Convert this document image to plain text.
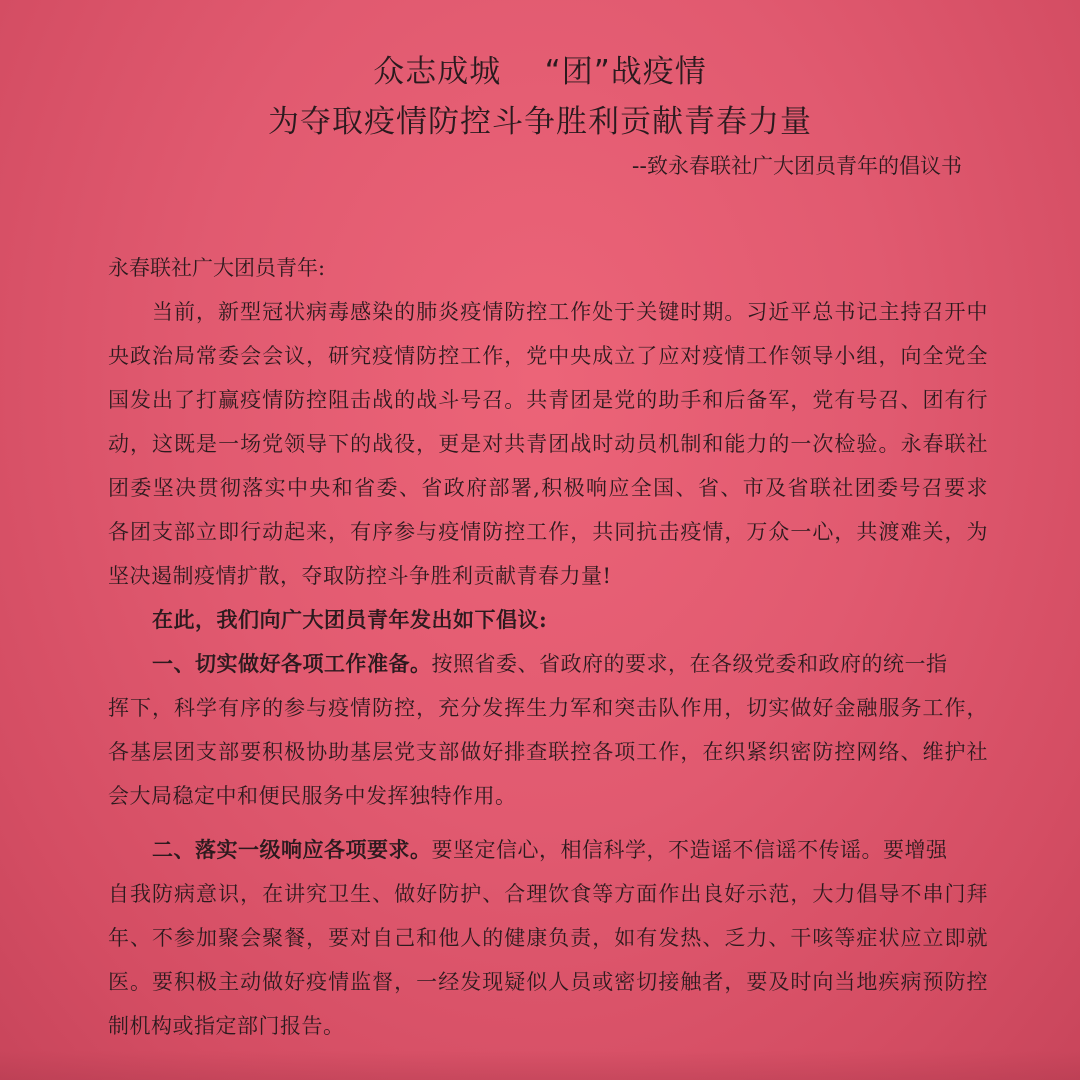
众志成城    “团”战疫情
为夺取疫情防控斗争胜利贡献青春力量
--致永春联社广大团员青年的倡议书
永春联社广大团员青年:
当前，新型冠状病毒感染的肺炎疫情防控工作处于关键时期。习近平总书记主持召开中
央政治局常委会会议，研究疫情防控工作，党中央成立了应对疫情工作领导小组，向全党全
国发出了打赢疫情防控阻击战的战斗号召。共青团是党的助手和后备军，党有号召、团有行
动，这既是一场党领导下的战役，更是对共青团战时动员机制和能力的一次检验。永春联社
团委坚决贯彻落实中央和省委、省政府部署,积极响应全国、省、市及省联社团委号召要求
各团支部立即行动起来，有序参与疫情防控工作，共同抗击疫情，万众一心，共渡难关，为
坚决遏制疫情扩散，夺取防控斗争胜利贡献青春力量!
在此，我们向广大团员青年发出如下倡议:
一、切实做好各项工作准备。按照省委、省政府的要求，在各级党委和政府的统一指
挥下，科学有序的参与疫情防控，充分发挥生力军和突击队作用，切实做好金融服务工作，
各基层团支部要积极协助基层党支部做好排查联控各项工作，在织紧织密防控网络、维护社
会大局稳定中和便民服务中发挥独特作用。
二、落实一级响应各项要求。要坚定信心，相信科学，不造谣不信谣不传谣。要增强
自我防病意识，在讲究卫生、做好防护、合理饮食等方面作出良好示范，大力倡导不串门拜
年、不参加聚会聚餐，要对自己和他人的健康负责，如有发热、乏力、干咳等症状应立即就
医。要积极主动做好疫情监督，一经发现疑似人员或密切接触者，要及时向当地疾病预防控
制机构或指定部门报告。
